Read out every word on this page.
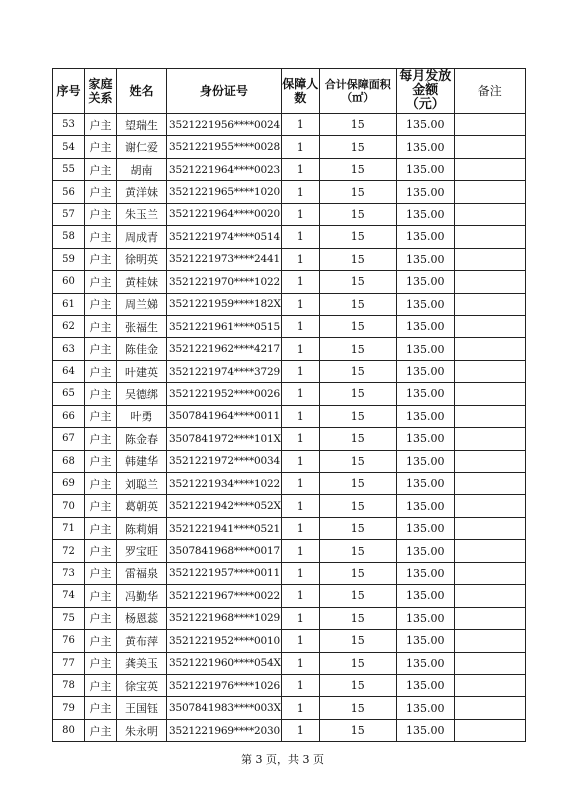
序号	家庭关系	姓名	身份证号	保障人数	合计保障面积（㎡）	每月发放金额（元）	备注
53	户主	望瑞生	3521221956****0024	1	15	135.00	
54	户主	谢仁爱	3521221955****0028	1	15	135.00	
55	户主	胡南	3521221964****0023	1	15	135.00	
56	户主	黄洋妹	3521221965****1020	1	15	135.00	
57	户主	朱玉兰	3521221964****0020	1	15	135.00	
58	户主	周成青	3521221974****0514	1	15	135.00	
59	户主	徐明英	3521221973****2441	1	15	135.00	
60	户主	黄桂妹	3521221970****1022	1	15	135.00	
61	户主	周兰娣	3521221959****182X	1	15	135.00	
62	户主	张福生	3521221961****0515	1	15	135.00	
63	户主	陈佳金	3521221962****4217	1	15	135.00	
64	户主	叶建英	3521221974****3729	1	15	135.00	
65	户主	吴德绑	3521221952****0026	1	15	135.00	
66	户主	叶勇	3507841964****0011	1	15	135.00	
67	户主	陈金春	3507841972****101X	1	15	135.00	
68	户主	韩建华	3521221972****0034	1	15	135.00	
69	户主	刘聪兰	3521221934****1022	1	15	135.00	
70	户主	葛朝英	3521221942****052X	1	15	135.00	
71	户主	陈莉娟	3521221941****0521	1	15	135.00	
72	户主	罗宝旺	3507841968****0017	1	15	135.00	
73	户主	雷福泉	3521221957****0011	1	15	135.00	
74	户主	冯勤华	3521221967****0022	1	15	135.00	
75	户主	杨恩蕊	3521221968****1029	1	15	135.00	
76	户主	黄布萍	3521221952****0010	1	15	135.00	
77	户主	龚美玉	3521221960****054X	1	15	135.00	
78	户主	徐宝英	3521221976****1026	1	15	135.00	
79	户主	王国钰	3507841983****003X	1	15	135.00	
80	户主	朱永明	3521221969****2030	1	15	135.00	
第 3 页，共 3 页
